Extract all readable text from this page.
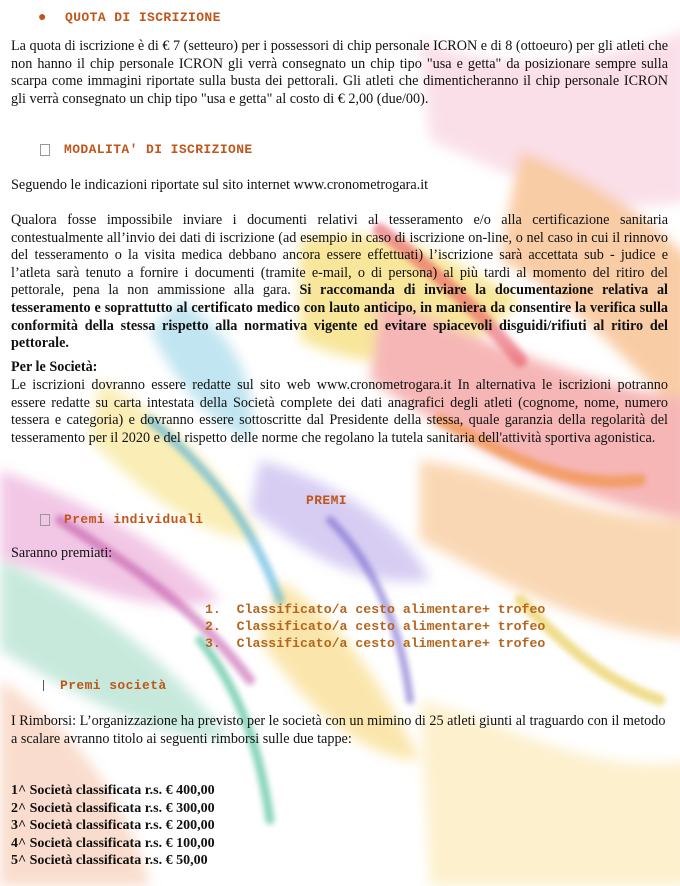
● QUOTA DI ISCRIZIONE
La quota di iscrizione è di € 7 (setteuro) per i possessori di chip personale ICRON e di 8 (ottoeuro) per gli atleti che non hanno il chip personale ICRON gli verrà consegnato un chip tipo "usa e getta" da posizionare sempre sulla scarpa come immagini riportate sulla busta dei pettorali. Gli atleti che dimenticheranno il chip personale ICRON gli verrà consegnato un chip tipo "usa e getta" al costo di € 2,00 (due/00).
MODALITA' DI ISCRIZIONE
Seguendo le indicazioni riportate sul sito internet www.cronometrogara.it
Qualora fosse impossibile inviare i documenti relativi al tesseramento e/o alla certificazione sanitaria contestualmente all’invio dei dati di iscrizione (ad esempio in caso di iscrizione on-line, o nel caso in cui il rinnovo del tesseramento o la visita medica debbano ancora essere effettuati) l’iscrizione sarà accettata sub - judice e l’atleta sarà tenuto a fornire i documenti (tramite e-mail, o di persona) al più tardi al momento del ritiro del pettorale, pena la non ammissione alla gara. Si raccomanda di inviare la documentazione relativa al tesseramento e soprattutto al certificato medico con lauto anticipo, in maniera da consentire la verifica sulla conformità della stessa rispetto alla normativa vigente ed evitare spiacevoli disguidi/rifiuti al ritiro del pettorale.
Per le Società:
Le iscrizioni dovranno essere redatte sul sito web www.cronometrogara.it In alternativa le iscrizioni potranno essere redatte su carta intestata della Società complete dei dati anagrafici degli atleti (cognome, nome, numero tessera e categoria) e dovranno essere sottoscritte dal Presidente della stessa, quale garanzia della regolarità del tesseramento per il 2020 e del rispetto delle norme che regolano la tutela sanitaria dell'attività sportiva agonistica.
PREMI
Premi individuali
Saranno premiati:
1.  Classificato/a cesto alimentare+ trofeo
2.  Classificato/a cesto alimentare+ trofeo
3.  Classificato/a cesto alimentare+ trofeo
Premi società
I Rimborsi: L’organizzazione ha previsto per le società con un mimino di 25 atleti giunti al traguardo con il metodo a scalare avranno titolo ai seguenti rimborsi sulle due tappe:
1^ Società classificata r.s. € 400,00
2^ Società classificata r.s. € 300,00
3^ Società classificata r.s. € 200,00
4^ Società classificata r.s. € 100,00
5^ Società classificata r.s. € 50,00
